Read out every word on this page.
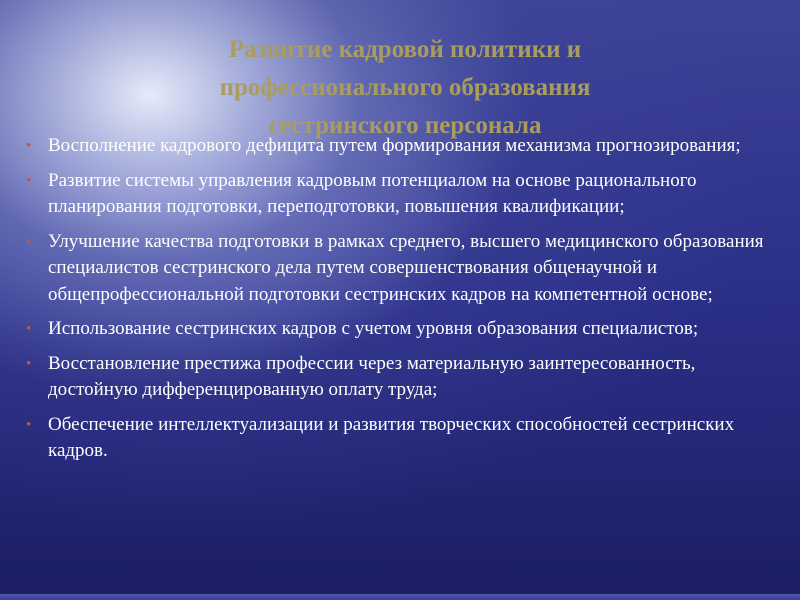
Развитие кадровой политики и
профессионального образования
сестринского персонала
• Восполнение кадрового дефицита путем формирования механизма прогнозирования;
• Развитие системы управления кадровым потенциалом на основе рационального планирования подготовки, переподготовки, повышения квалификации;
• Улучшение качества подготовки в рамках среднего, высшего медицинского образования специалистов сестринского дела путем совершенствования общенаучной и общепрофессиональной подготовки сестринских кадров на компетентной основе;
• Использование сестринских кадров с учетом уровня образования специалистов;
• Восстановление престижа профессии через материальную заинтересованность, достойную дифференцированную оплату труда;
• Обеспечение интеллектуализации и развития творческих способностей сестринских кадров.
